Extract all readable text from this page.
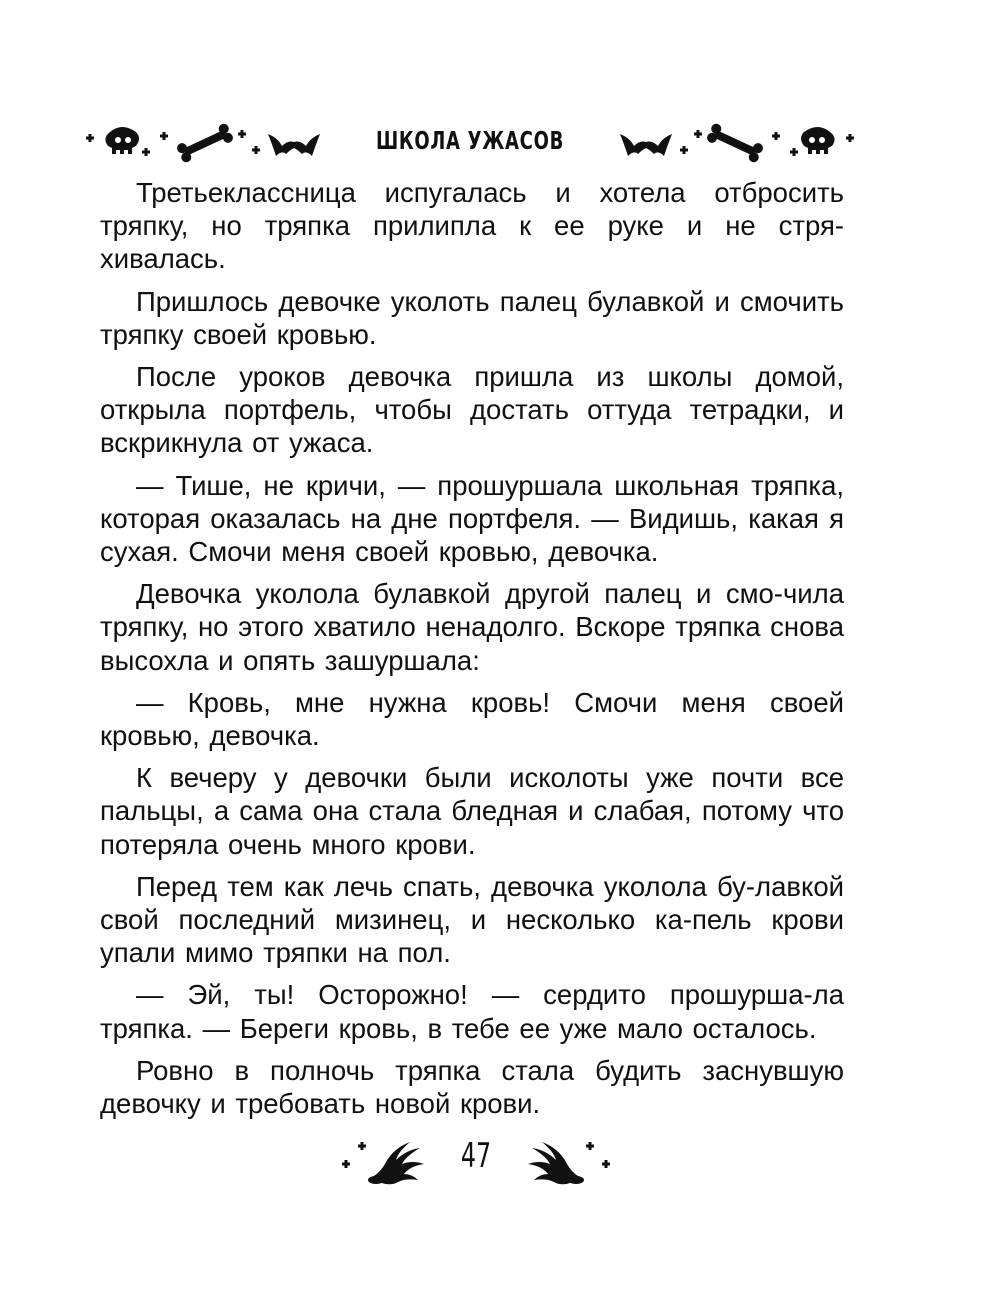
ШКОЛА УЖАСОВ

Третьеклассница испугалась и хотела отбросить тряпку, но тряпка прилипла к ее руке и не стря-хивалась.

Пришлось девочке уколоть палец булавкой и смочить тряпку своей кровью.

После уроков девочка пришла из школы домой, открыла портфель, чтобы достать оттуда тетрадки, и вскрикнула от ужаса.

— Тише, не кричи, — прошуршала школьная тряпка, которая оказалась на дне портфеля. — Видишь, какая я сухая. Смочи меня своей кровью, девочка.

Девочка уколола булавкой другой палец и смо-чила тряпку, но этого хватило ненадолго. Вскоре тряпка снова высохла и опять зашуршала:

— Кровь, мне нужна кровь! Смочи меня своей кровью, девочка.

К вечеру у девочки были исколоты уже почти все пальцы, а сама она стала бледная и слабая, потому что потеряла очень много крови.

Перед тем как лечь спать, девочка уколола бу-лавкой свой последний мизинец, и несколько ка-пель крови упали мимо тряпки на пол.

— Эй, ты! Осторожно! — сердито прошурша-ла тряпка. — Береги кровь, в тебе ее уже мало осталось.

Ровно в полночь тряпка стала будить заснувшую девочку и требовать новой крови.

47
